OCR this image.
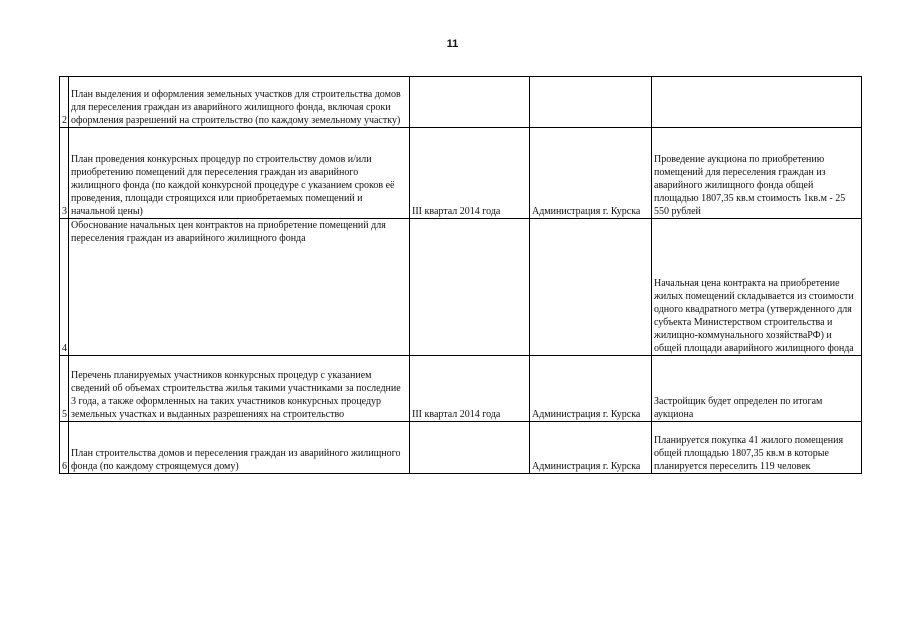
11
2	План выделения и оформления земельных участков для строительства домов для переселения граждан из аварийного жилищного фонда, включая сроки оформления разрешений на строительство (по каждому земельному участку)			
3	План проведения конкурсных процедур по строительству домов и/или приобретению помещений для переселения граждан из аварийного жилищного фонда (по каждой конкурсной процедуре с указанием сроков её проведения, площади строящихся или приобретаемых помещений и начальной цены)	III квартал 2014 года	Администрация г. Курска	Проведение аукциона по приобретению помещений для переселения граждан из аварийного жилищного фонда общей площадью 1807,35 кв.м стоимость 1кв.м - 25 550 рублей
4	Обоснование начальных цен контрактов на приобретение помещений для переселения граждан из аварийного жилищного фонда			Начальная цена контракта на приобретение жилых помещений складывается из стоимости одного квадратного метра (утвержденного для субъекта Министерством строительства и жилищно-коммунального хозяйстваРФ) и общей площади аварийного жилищного фонда
5	Перечень планируемых участников конкурсных процедур с указанием сведений об объемах строительства жилья такими участниками за последние 3 года, а также оформленных на таких участников конкурсных процедур земельных участках и выданных разрешениях на строительство	III квартал 2014 года	Администрация г. Курска	Застройщик будет определен по итогам аукциона
6	План строительства домов и переселения граждан из аварийного жилищного фонда (по каждому строящемуся дому)		Администрация г. Курска	Планируется покупка 41 жилого помещения общей площадью 1807,35 кв.м в которые планируется переселить 119 человек
